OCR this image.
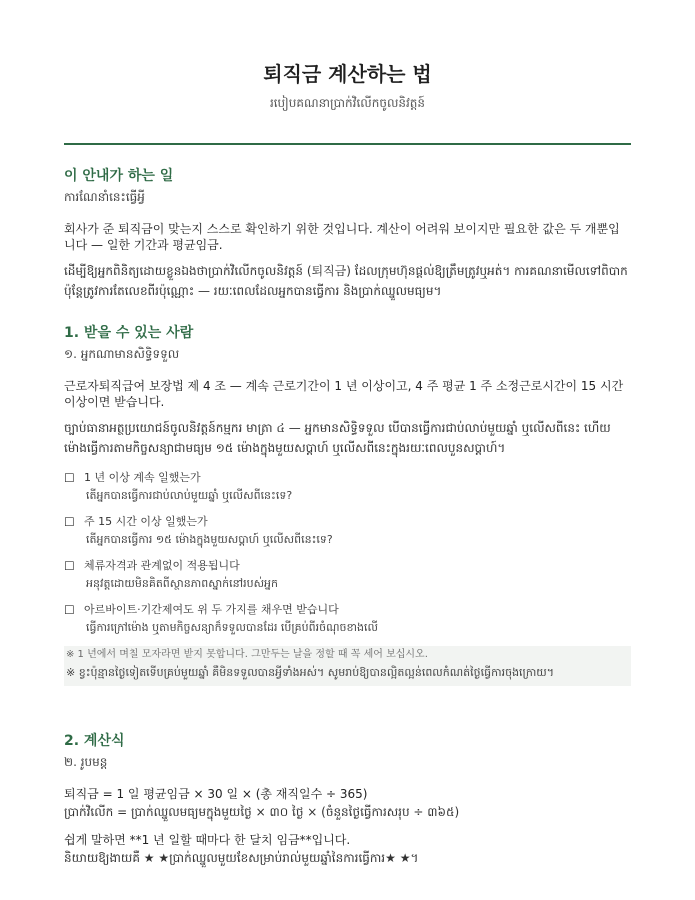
퇴직금 계산하는 법
របៀបគណនាប្រាក់វិលើកចូលនិវត្តន៍
이 안내가 하는 일
ការណែនាំនេះធ្វើអ្វី
회사가 준 퇴직금이 맞는지 스스로 확인하기 위한 것입니다. 계산이 어려워 보이지만 필요한 값은 두 개뿐입니다 — 일한 기간과 평균임금.
ដើម្បីឱ្យអ្នកពិនិត្យដោយខ្លួនឯងថាប្រាក់វិលើកចូលនិវត្តន៍ (퇴직금) ដែលក្រុមហ៊ុនផ្តល់ឱ្យត្រឹមត្រូវឬអត់។ ការគណនាមើលទៅពិបាក ប៉ុន្តែត្រូវការតែលេខពីរប៉ុណ្ណោះ — រយៈពេលដែលអ្នកបានធ្វើការ និងប្រាក់ឈ្នួលមធ្យម។
1. 받을 수 있는 사람
១. អ្នកណាមានសិទ្ធិទទួល
근로자퇴직급여 보장법 제 4 조 — 계속 근로기간이 1 년 이상이고, 4 주 평균 1 주 소정근로시간이 15 시간 이상이면 받습니다.
ច្បាប់ធានាអត្ថប្រយោជន៍ចូលនិវត្តន៍កម្មករ មាត្រា ៤ — អ្នកមានសិទ្ធិទទួល បើបានធ្វើការជាប់លាប់មួយឆ្នាំ ឬលើសពីនេះ ហើយម៉ោងធ្វើការតាមកិច្ចសន្យាជាមធ្យម ១៥ ម៉ោងក្នុងមួយសប្តាហ៍ ឬលើសពីនេះក្នុងរយៈពេលបួនសប្តាហ៍។
☐ 1 년 이상 계속 일했는가
តើអ្នកបានធ្វើការជាប់លាប់មួយឆ្នាំ ឬលើសពីនេះទេ?
☐ 주 15 시간 이상 일했는가
តើអ្នកបានធ្វើការ ១៥ ម៉ោងក្នុងមួយសប្តាហ៍ ឬលើសពីនេះទេ?
☐ 체류자격과 관계없이 적용됩니다
អនុវត្តដោយមិនគិតពីស្ថានភាពស្នាក់នៅរបស់អ្នក
☐ 아르바이트·기간제여도 위 두 가지를 채우면 받습니다
ធ្វើការក្រៅម៉ោង ឬតាមកិច្ចសន្យាក៏ទទួលបានដែរ បើគ្រប់ពីរចំណុចខាងលើ
※ 1 년에서 며칠 모자라면 받지 못합니다. 그만두는 날을 정할 때 꼭 세어 보십시오.
※ ខ្វះប៉ុន្មានថ្ងៃទៀតទើបគ្រប់មួយឆ្នាំ គឺមិនទទួលបានអ្វីទាំងអស់។ សូមរាប់ឱ្យបានល្អិតល្អន់ពេលកំណត់ថ្ងៃធ្វើការចុងក្រោយ។
2. 계산식
២. រូបមន្ត
퇴직금 = 1 일 평균임금 × 30 일 × (총 재직일수 ÷ 365)
ប្រាក់វិលើក = ប្រាក់ឈ្នួលមធ្យមក្នុងមួយថ្ងៃ × ៣០ ថ្ងៃ × (ចំនួនថ្ងៃធ្វើការសរុប ÷ ៣៦៥)
쉽게 말하면 **1 년 일할 때마다 한 달치 임금**입니다.
និយាយឱ្យងាយគឺ ★ ★ប្រាក់ឈ្នួលមួយខែសម្រាប់រាល់មួយឆ្នាំនៃការធ្វើការ★ ★។
